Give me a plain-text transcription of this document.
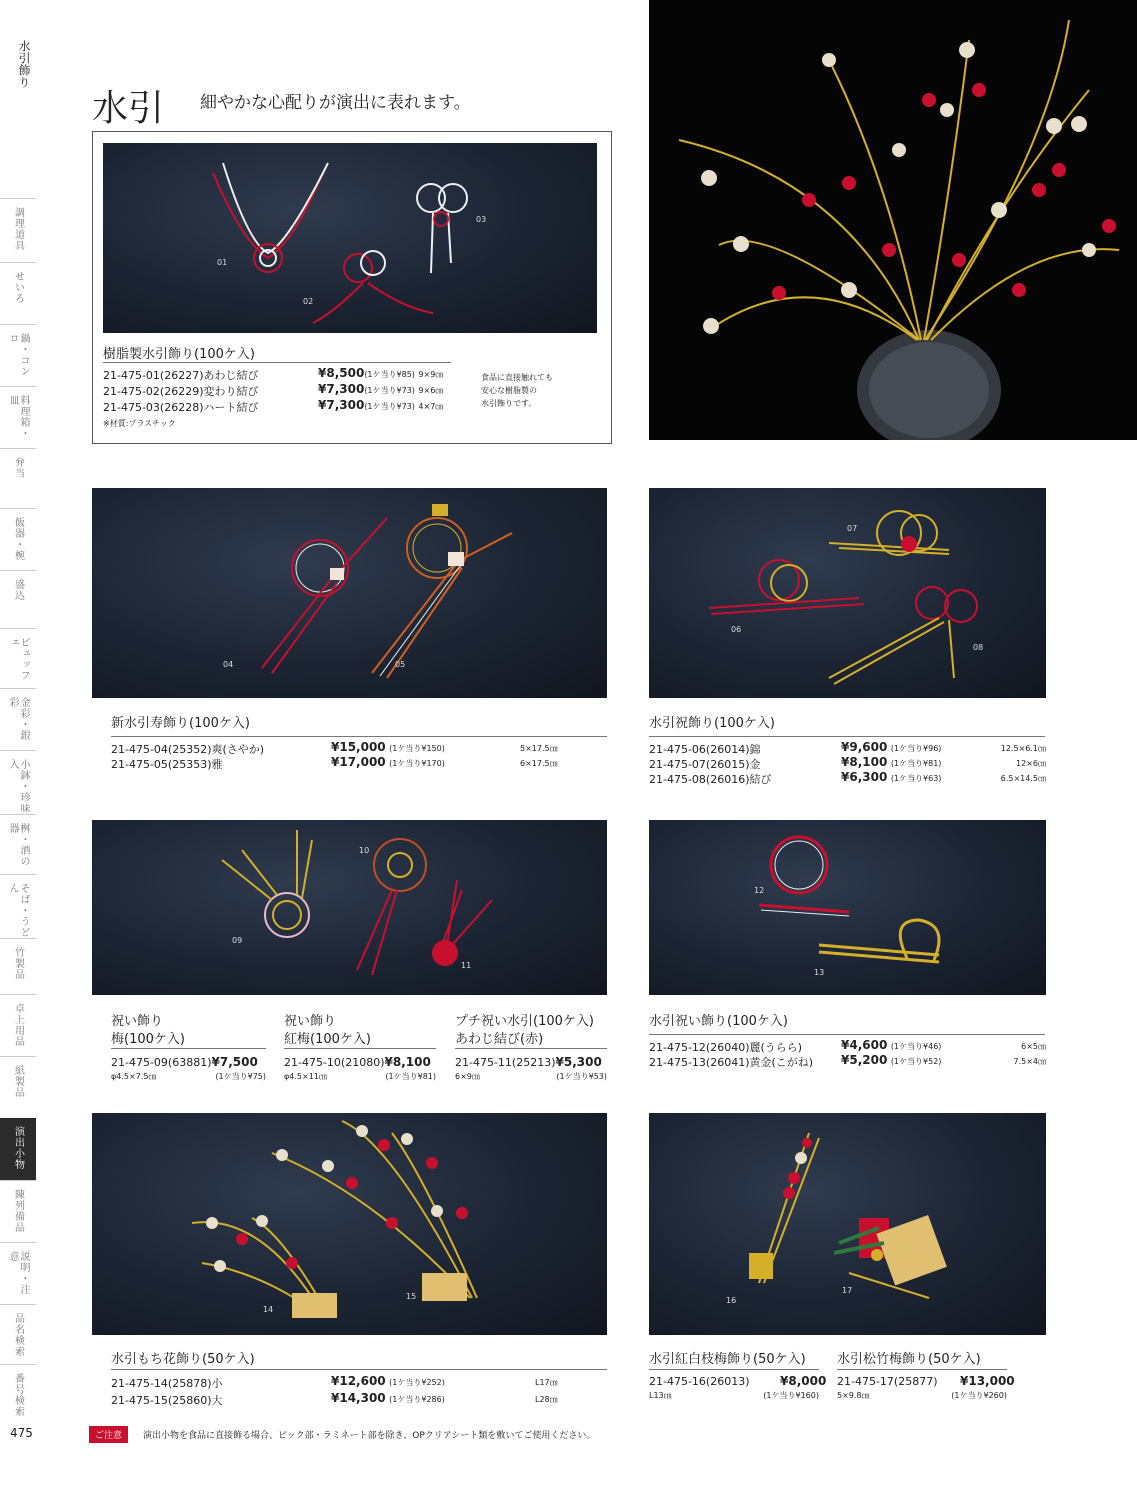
水引飾り
調理道具
せいろ
鍋・コンロ
料理箱・皿
弁当
飯器・椀
盛込
ビュッフェ
金彩・銀彩
小鉢・珍味入
桝・酒の器
そば・うどん
竹製品
卓上用品
紙製品
演出小物
陳列備品
説明・注意
品名検索
番号検索
475
水引 細やかな心配りが演出に表れます。
01
02
03
樹脂製水引飾り(100ケ入)
21-475-01(26227)あわじ結び	¥8,500(1ケ当り¥85) 9×9㎝
21-475-02(26229)変わり結び	¥7,300(1ケ当り¥73) 9×6㎝
21-475-03(26228)ハート結び	¥7,300(1ケ当り¥73) 4×7㎝
※材質:プラスチック
食品に直接触れても
安心な樹脂製の
水引飾りです。
04	05
新水引寿飾り(100ケ入)
21-475-04(25352)爽(さやか)	¥15,000 (1ケ当り¥150)	5×17.5㎝
21-475-05(25353)雅	¥17,000 (1ケ当り¥170)	6×17.5㎝
07
06
08
水引祝飾り(100ケ入)
21-475-06(26014)錦	¥9,600 (1ケ当り¥96)	12.5×6.1㎝
21-475-07(26015)金	¥8,100 (1ケ当り¥81)	12×6㎝
21-475-08(26016)結び	¥6,300 (1ケ当り¥63)	6.5×14.5㎝
10
09
11
祝い飾り
梅(100ケ入)
21-475-09(63881)¥7,500
φ4.5×7.5㎝	(1ケ当り¥75)
祝い飾り
紅梅(100ケ入)
21-475-10(21080)¥8,100
φ4.5×11㎝	(1ケ当り¥81)
プチ祝い水引(100ケ入)
あわじ結び(赤)
21-475-11(25213)¥5,300
6×9㎝	(1ケ当り¥53)
12
13
水引祝い飾り(100ケ入)
21-475-12(26040)麗(うらら)	¥4,600 (1ケ当り¥46)	6×5㎝
21-475-13(26041)黄金(こがね) ¥5,200 (1ケ当り¥52)	7.5×4㎝
14
15
水引もち花飾り(50ケ入)
21-475-14(25878)小	¥12,600 (1ケ当り¥252)	L17㎝
21-475-15(25860)大	¥14,300 (1ケ当り¥286)	L28㎝
16
17
水引紅白枝梅飾り(50ケ入)
21-475-16(26013)	¥8,000
L13㎝	(1ケ当り¥160)
水引松竹梅飾り(50ケ入)
21-475-17(25877) ¥13,000
5×9.8㎝	(1ケ当り¥260)
ご注意	演出小物を食品に直接飾る場合、ピック部・ラミネート部を除き、OPクリアシート類を敷いてご使用ください。
